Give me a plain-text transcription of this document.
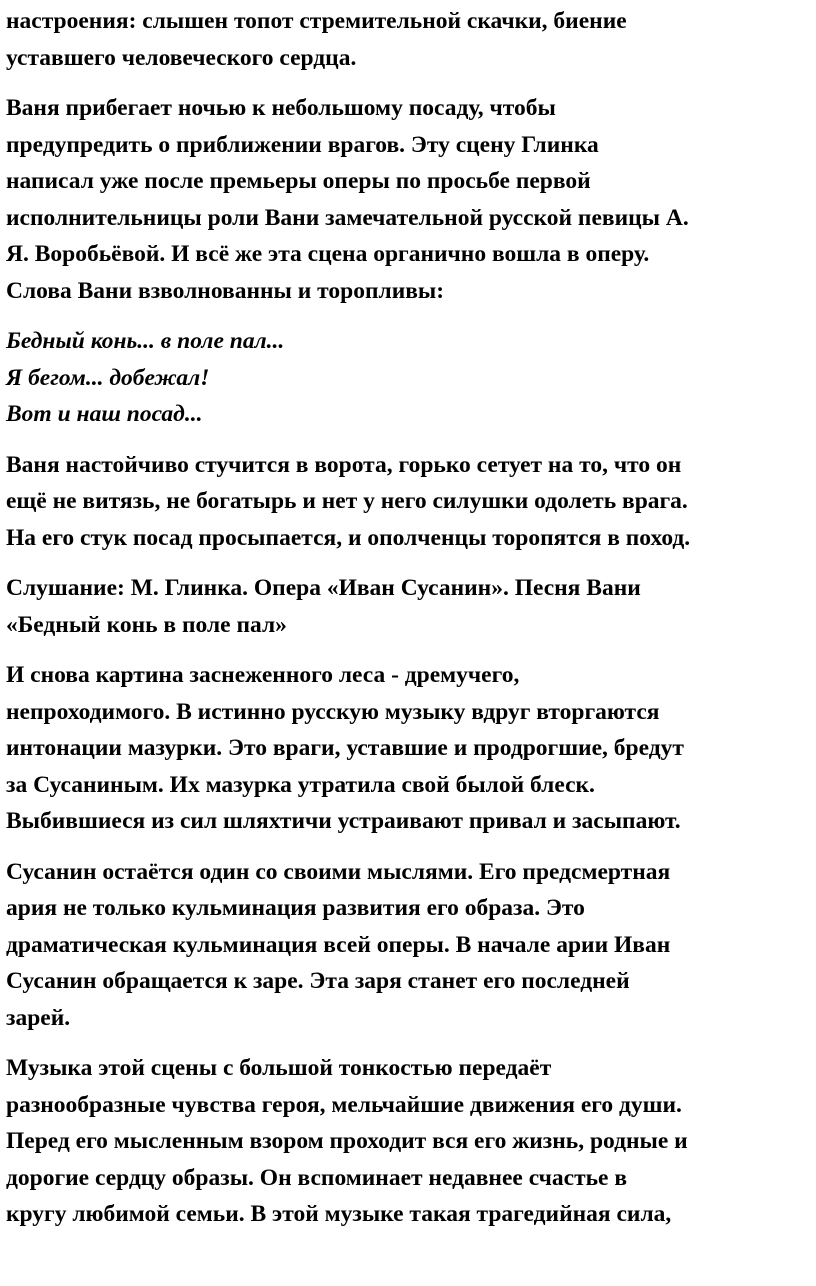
настроения: слышен топот стремительной скачки, биение
уставшего человеческого сердца.

Ваня прибегает ночью к небольшому посаду, чтобы
предупредить о приближении врагов. Эту сцену Глинка
написал уже после премьеры оперы по просьбе первой
исполнительницы роли Вани замечательной русской певицы А.
Я. Воробьёвой. И всё же эта сцена органично вошла в оперу.
Слова Вани взволнованны и торопливы:

Бедный конь... в поле пал...
Я бегом... добежал!
Вот и наш посад...

Ваня настойчиво стучится в ворота, горько сетует на то, что он
ещё не витязь, не богатырь и нет у него силушки одолеть врага.
На его стук посад просыпается, и ополченцы торопятся в поход.

Слушание: М. Глинка. Опера «Иван Сусанин». Песня Вани
«Бедный конь в поле пал»

И снова картина заснеженного леса - дремучего,
непроходимого. В истинно русскую музыку вдруг вторгаются
интонации мазурки. Это враги, уставшие и продрогшие, бредут
за Сусаниным. Их мазурка утратила свой былой блеск.
Выбившиеся из сил шляхтичи устраивают привал и засыпают.

Сусанин остаётся один со своими мыслями. Его предсмертная
ария не только кульминация развития его образа. Это
драматическая кульминация всей оперы. В начале арии Иван
Сусанин обращается к заре. Эта заря станет его последней
зарей.

Музыка этой сцены с большой тонкостью передаёт
разнообразные чувства героя, мельчайшие движения его души.
Перед его мысленным взором проходит вся его жизнь, родные и
дорогие сердцу образы. Он вспоминает недавнее счастье в
кругу любимой семьи. В этой музыке такая трагедийная сила,
